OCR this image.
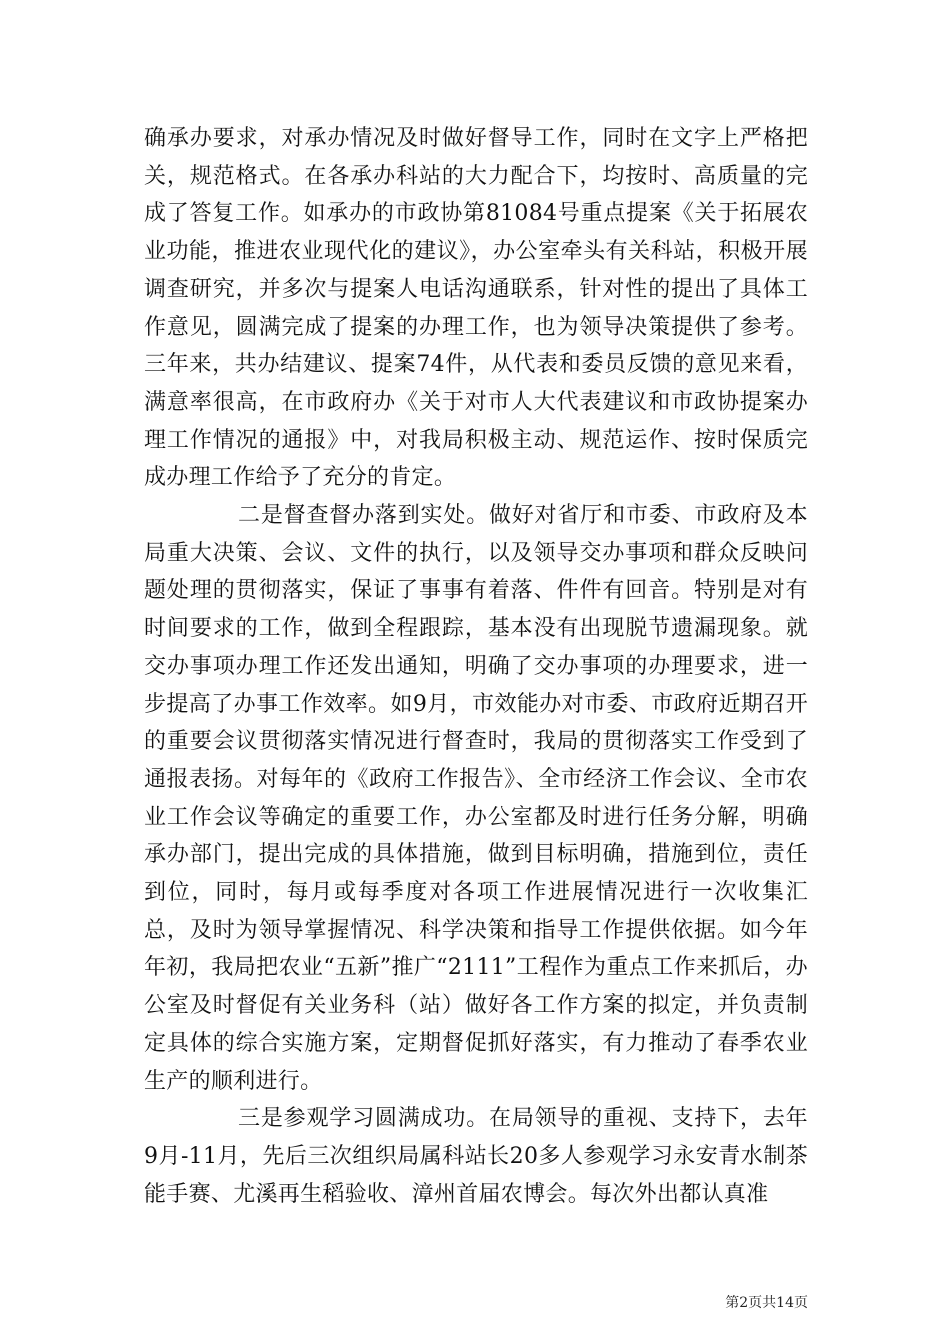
确承办要求，对承办情况及时做好督导工作，同时在文字上严格把关，规范格式。在各承办科站的大力配合下，均按时、高质量的完成了答复工作。如承办的市政协第81084号重点提案《关于拓展农业功能，推进农业现代化的建议》，办公室牵头有关科站，积极开展调查研究，并多次与提案人电话沟通联系，针对性的提出了具体工作意见，圆满完成了提案的办理工作，也为领导决策提供了参考。三年来，共办结建议、提案74件，从代表和委员反馈的意见来看，满意率很高，在市政府办《关于对市人大代表建议和市政协提案办理工作情况的通报》中，对我局积极主动、规范运作、按时保质完成办理工作给予了充分的肯定。

二是督查督办落到实处。做好对省厅和市委、市政府及本局重大决策、会议、文件的执行，以及领导交办事项和群众反映问题处理的贯彻落实，保证了事事有着落、件件有回音。特别是对有时间要求的工作，做到全程跟踪，基本没有出现脱节遗漏现象。就交办事项办理工作还发出通知，明确了交办事项的办理要求，进一步提高了办事工作效率。如9月，市效能办对市委、市政府近期召开的重要会议贯彻落实情况进行督查时，我局的贯彻落实工作受到了通报表扬。对每年的《政府工作报告》、全市经济工作会议、全市农业工作会议等确定的重要工作，办公室都及时进行任务分解，明确承办部门，提出完成的具体措施，做到目标明确，措施到位，责任到位，同时，每月或每季度对各项工作进展情况进行一次收集汇总，及时为领导掌握情况、科学决策和指导工作提供依据。如今年年初，我局把农业“五新”推广“2111”工程作为重点工作来抓后，办公室及时督促有关业务科（站）做好各工作方案的拟定，并负责制定具体的综合实施方案，定期督促抓好落实，有力推动了春季农业生产的顺利进行。

三是参观学习圆满成功。在局领导的重视、支持下，去年9月-11月，先后三次组织局属科站长20多人参观学习永安青水制茶能手赛、尤溪再生稻验收、漳州首届农博会。每次外出都认真准

第2页共14页
